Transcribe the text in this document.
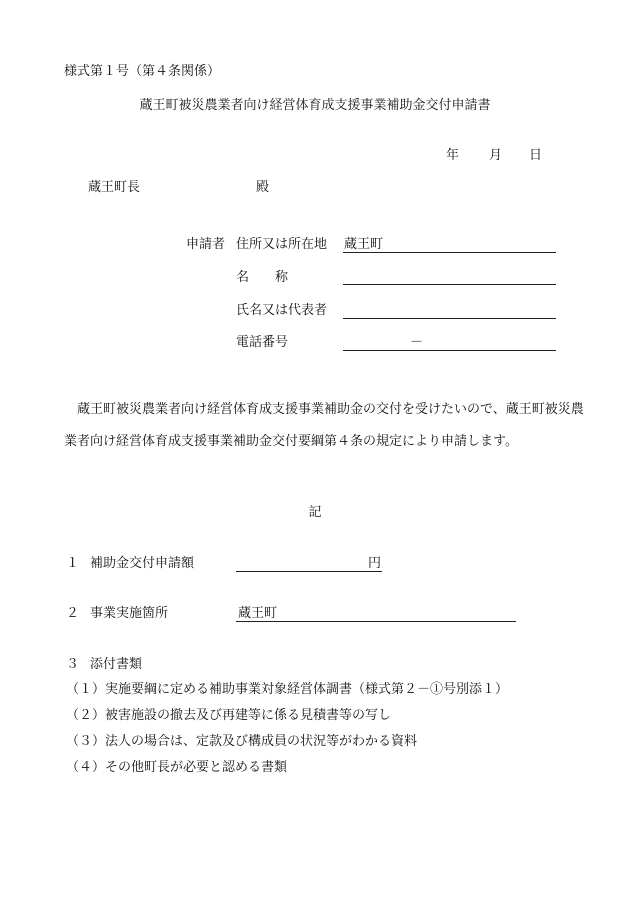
様式第１号（第４条関係）
蔵王町被災農業者向け経営体育成支援事業補助金交付申請書
年 月 日
蔵王町長	殿
申請者 住所又は所在地 蔵王町
名　　称
氏名又は代表者
電話番号	－
蔵王町被災農業者向け経営体育成支援事業補助金の交付を受けたいので、蔵王町被災農業者向け経営体育成支援事業補助金交付要綱第４条の規定により申請します。
記
１ 補助金交付申請額	円
２ 事業実施箇所	蔵王町
３ 添付書類
（１）実施要綱に定める補助事業対象経営体調書（様式第２－①号別添１）
（２）被害施設の撤去及び再建等に係る見積書等の写し
（３）法人の場合は、定款及び構成員の状況等がわかる資料
（４）その他町長が必要と認める書類
